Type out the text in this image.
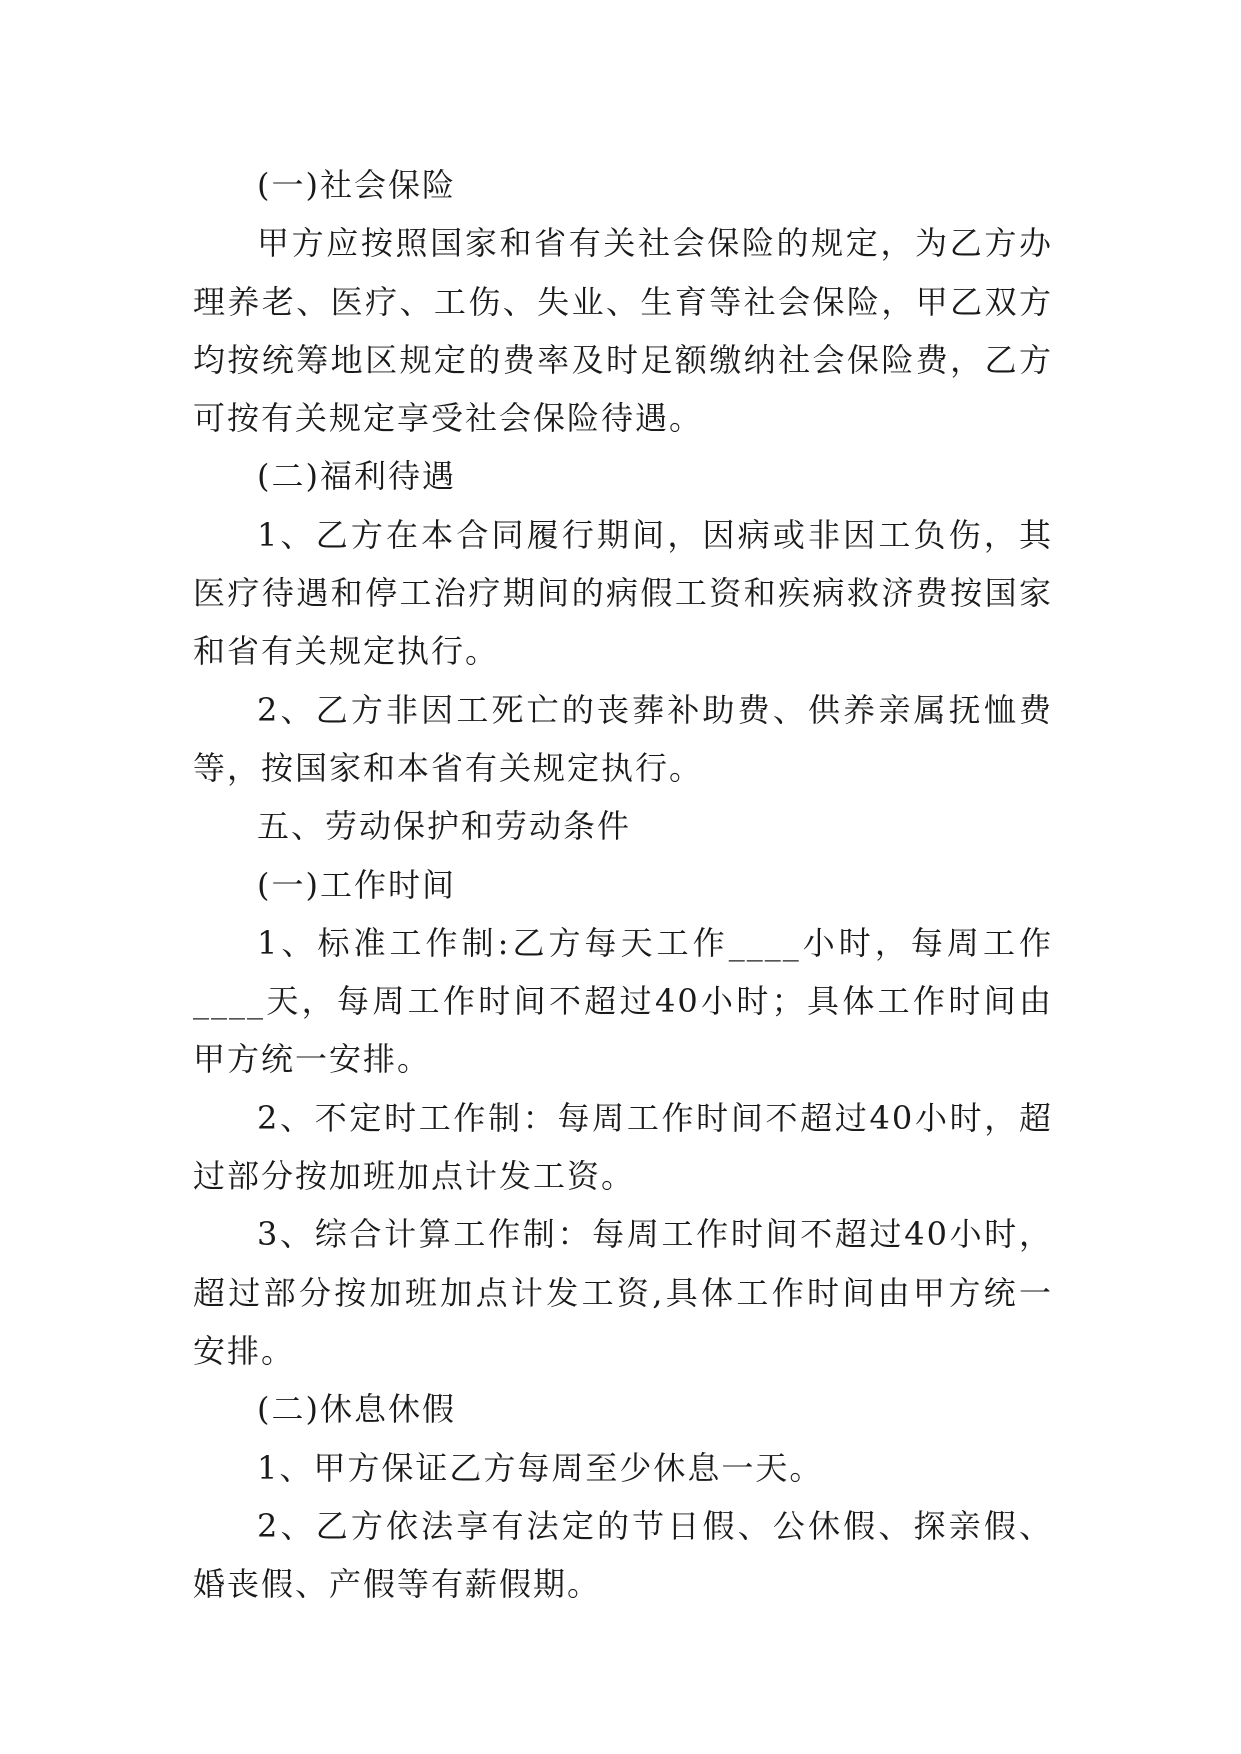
(一)社会保险

甲方应按照国家和省有关社会保险的规定，为乙方办理养老、医疗、工伤、失业、生育等社会保险，甲乙双方均按统筹地区规定的费率及时足额缴纳社会保险费，乙方可按有关规定享受社会保险待遇。

(二)福利待遇

1、乙方在本合同履行期间，因病或非因工负伤，其医疗待遇和停工治疗期间的病假工资和疾病救济费按国家和省有关规定执行。

2、乙方非因工死亡的丧葬补助费、供养亲属抚恤费等，按国家和本省有关规定执行。

五、劳动保护和劳动条件

(一)工作时间

1、标准工作制:乙方每天工作____小时，每周工作____天，每周工作时间不超过40小时；具体工作时间由甲方统一安排。

2、不定时工作制：每周工作时间不超过40小时，超过部分按加班加点计发工资。

3、综合计算工作制：每周工作时间不超过40小时，超过部分按加班加点计发工资,具体工作时间由甲方统一安排。

(二)休息休假

1、甲方保证乙方每周至少休息一天。

2、乙方依法享有法定的节日假、公休假、探亲假、婚丧假、产假等有薪假期。
